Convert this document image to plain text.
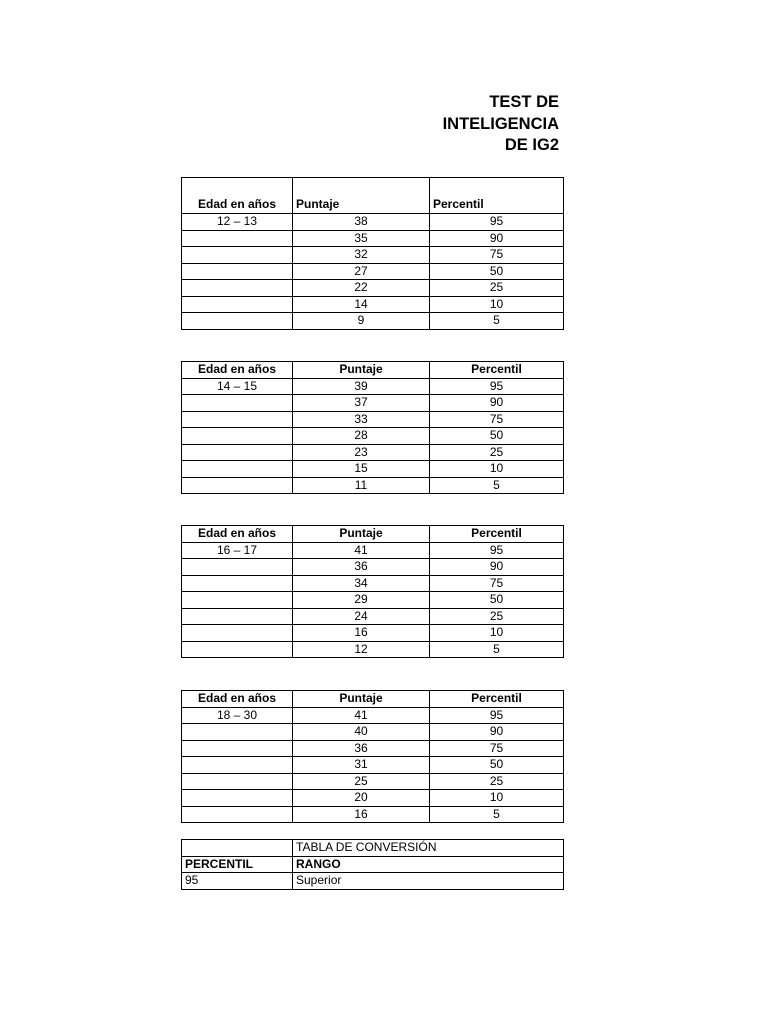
TEST DE
INTELIGENCIA
DE IG2
Edad en años	Puntaje	Percentil
12 – 13	38	95
	35	90
	32	75
	27	50
	22	25
	14	10
	9	5
Edad en años	Puntaje	Percentil
14 – 15	39	95
	37	90
	33	75
	28	50
	23	25
	15	10
	11	5
Edad en años	Puntaje	Percentil
16 – 17	41	95
	36	90
	34	75
	29	50
	24	25
	16	10
	12	5
Edad en años	Puntaje	Percentil
18 – 30	41	95
	40	90
	36	75
	31	50
	25	25
	20	10
	16	5
	TABLA DE CONVERSIÓN
PERCENTIL	RANGO
95	Superior
